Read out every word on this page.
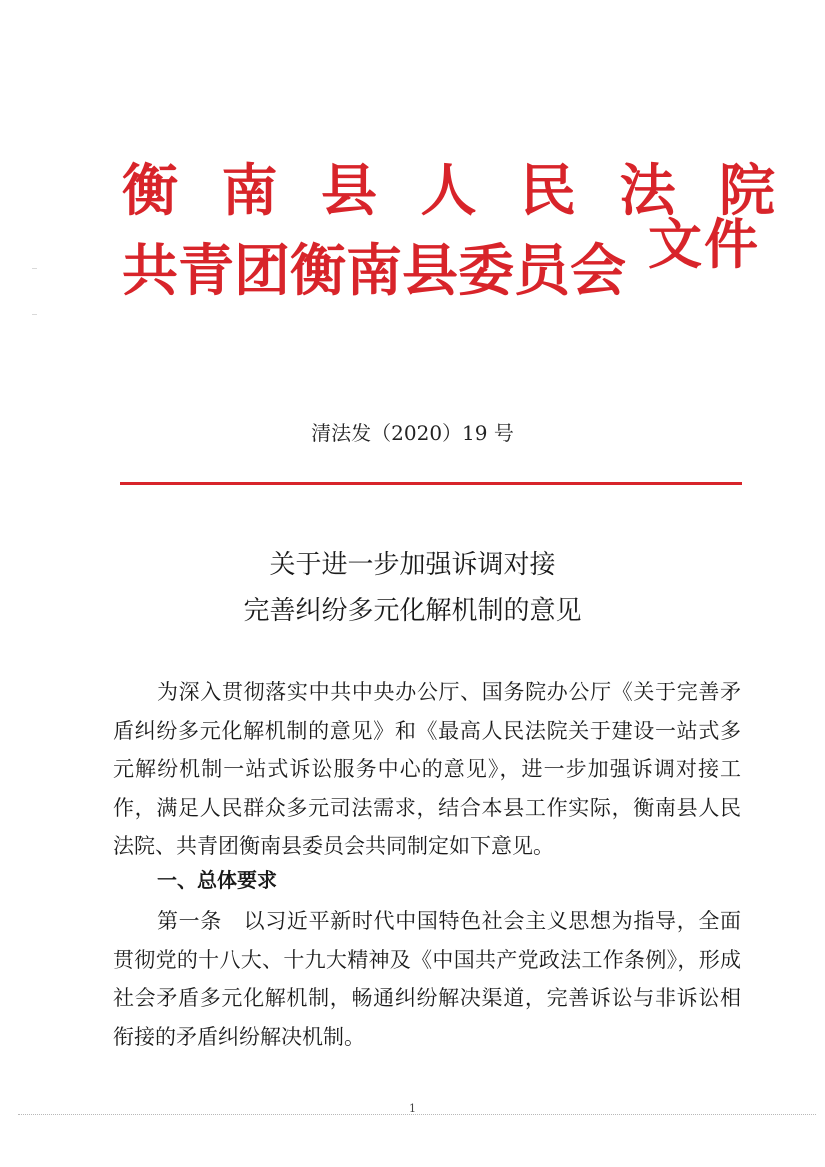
衡 南 县 人 民 法 院
共青团衡南县委员会 文件
清法发（2020）19 号
关于进一步加强诉调对接
完善纠纷多元化解机制的意见
为深入贯彻落实中共中央办公厅、国务院办公厅《关于完善矛盾纠纷多元化解机制的意见》和《最高人民法院关于建设一站式多元解纷机制一站式诉讼服务中心的意见》，进一步加强诉调对接工作，满足人民群众多元司法需求，结合本县工作实际，衡南县人民法院、共青团衡南县委员会共同制定如下意见。
一、总体要求
第一条　以习近平新时代中国特色社会主义思想为指导，全面贯彻党的十八大、十九大精神及《中国共产党政法工作条例》，形成社会矛盾多元化解机制，畅通纠纷解决渠道，完善诉讼与非诉讼相衔接的矛盾纠纷解决机制。
1
